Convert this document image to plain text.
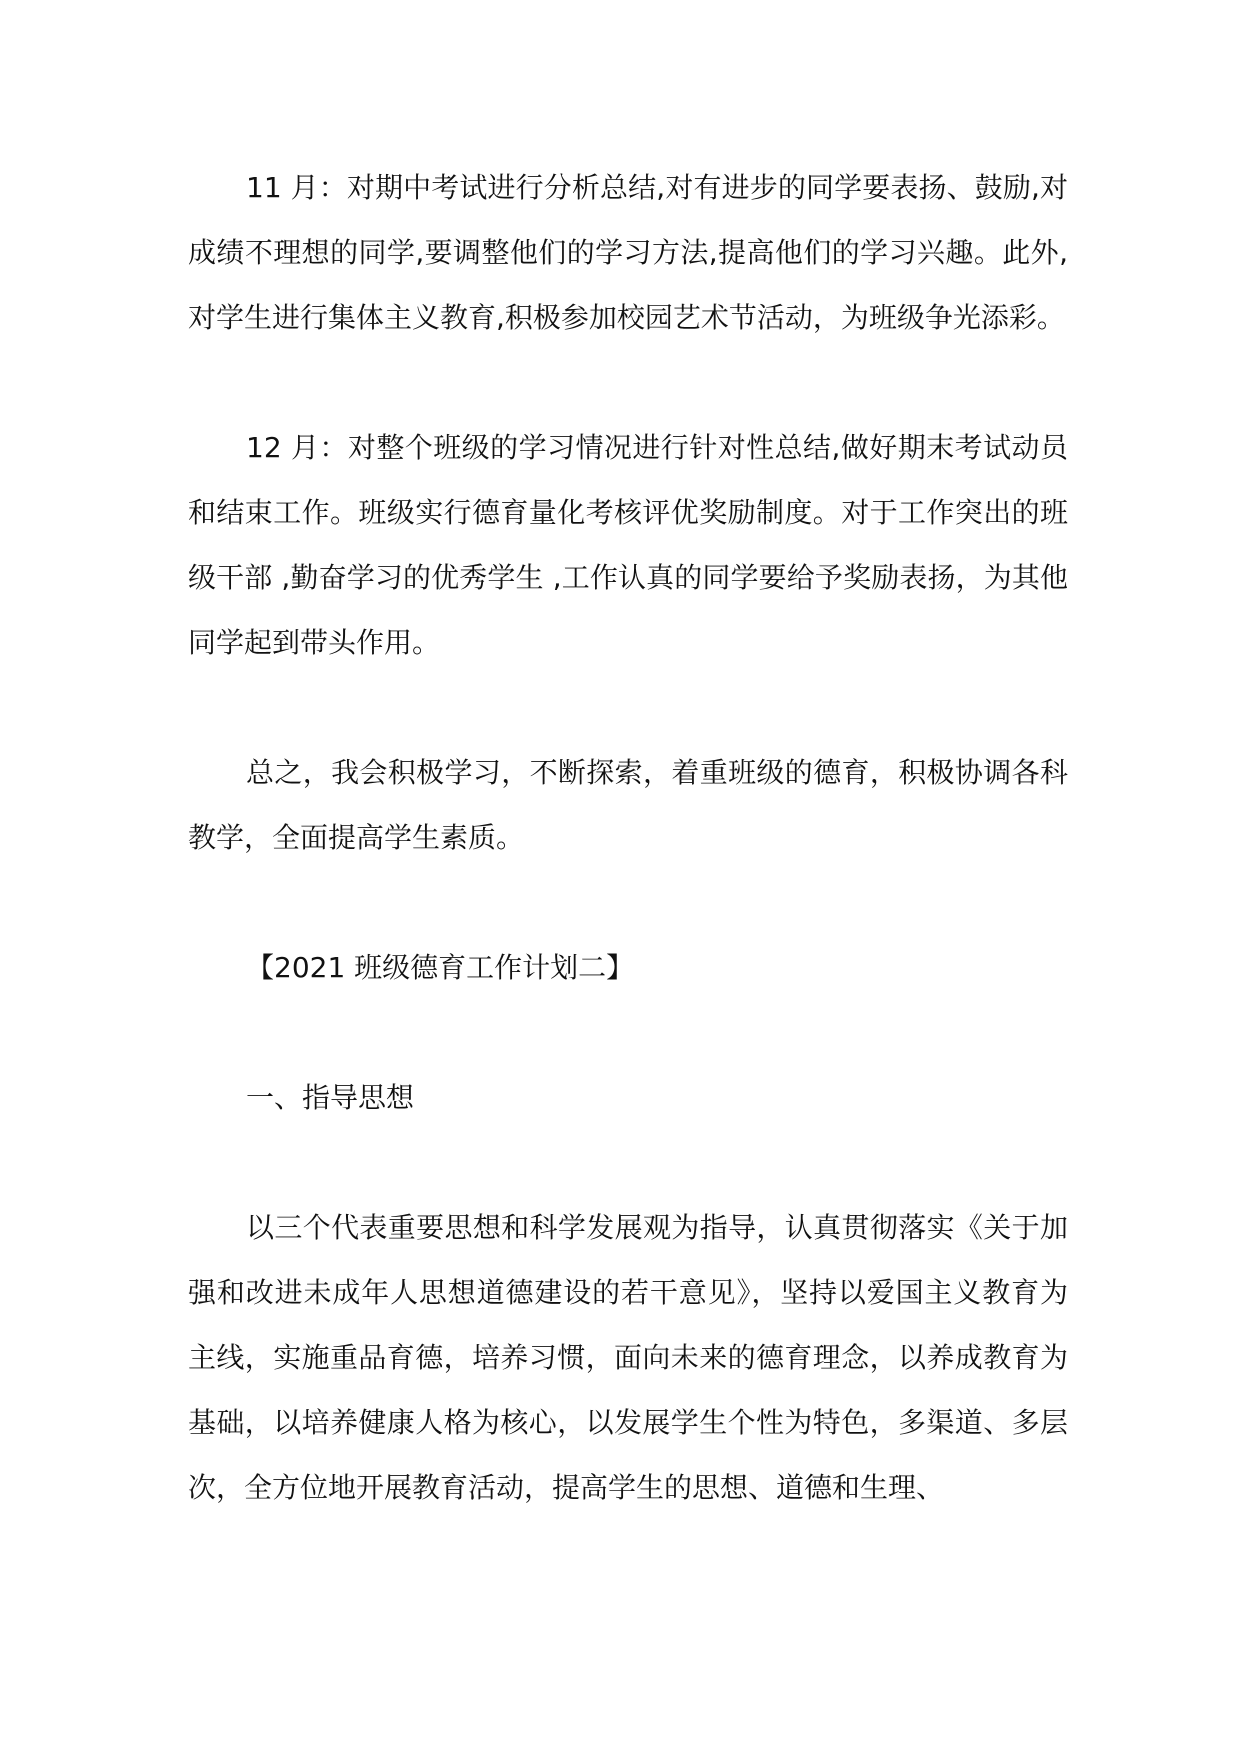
11 月：对期中考试进行分析总结,对有进步的同学要表扬、鼓励,对成绩不理想的同学,要调整他们的学习方法,提高他们的学习兴趣。此外,对学生进行集体主义教育,积极参加校园艺术节活动，为班级争光添彩。

12 月：对整个班级的学习情况进行针对性总结,做好期末考试动员和结束工作。班级实行德育量化考核评优奖励制度。对于工作突出的班级干部 ,勤奋学习的优秀学生 ,工作认真的同学要给予奖励表扬，为其他同学起到带头作用。

总之，我会积极学习，不断探索，着重班级的德育，积极协调各科教学，全面提高学生素质。

【2021 班级德育工作计划二】

一、指导思想

以三个代表重要思想和科学发展观为指导，认真贯彻落实《关于加强和改进未成年人思想道德建设的若干意见》，坚持以爱国主义教育为主线，实施重品育德，培养习惯，面向未来的德育理念，以养成教育为基础，以培养健康人格为核心，以发展学生个性为特色，多渠道、多层次，全方位地开展教育活动，提高学生的思想、道德和生理、
